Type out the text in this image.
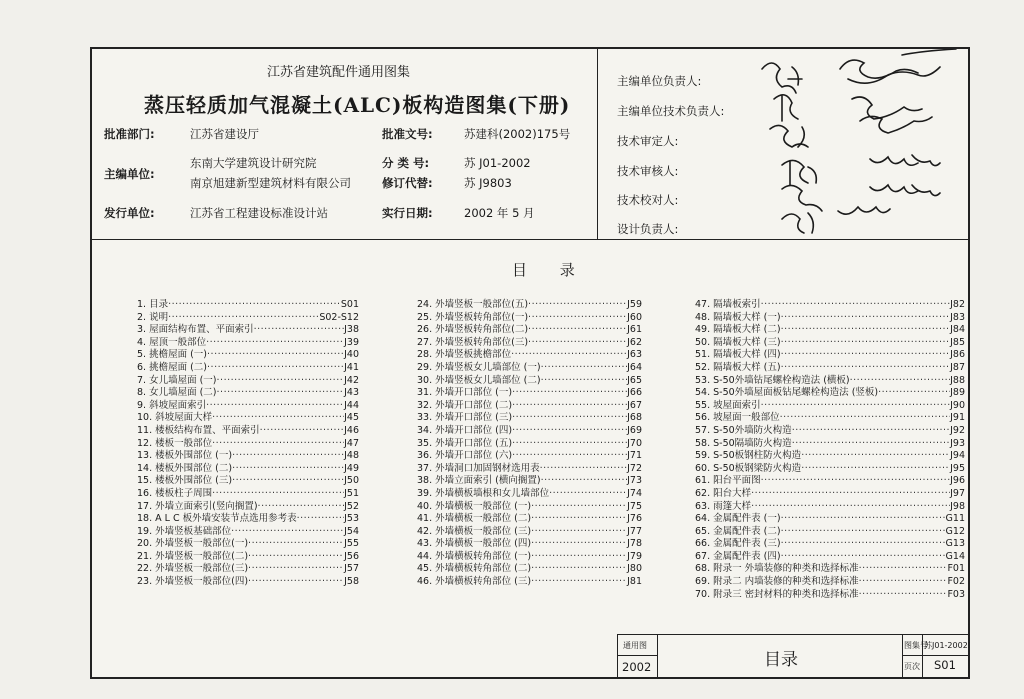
江苏省建筑配件通用图集
蒸压轻质加气混凝土(ALC)板构造图集(下册)
批准部门:	江苏省建设厅	批准文号:	苏建科(2002)175号
主编单位:
东南大学建筑设计研究院
南京旭建新型建筑材料有限公司
分 类 号:	苏 J01-2002
修订代替:	苏 J9803
发行单位:	江苏省工程建设标准设计站	实行日期:	2002 年 5 月
主编单位负责人:
主编单位技术负责人:
技术审定人:
技术审核人:
技术校对人:
设计负责人:
目 录
1. 目录 ·····	S01
2. 说明 ·····	S02-S12
3. 屋面结构布置、平面索引 ·····	J38
4. 屋顶一般部位 ·····	J39
5. 挑檐屋面 (一) ·····	J40
6. 挑檐屋面 (二) ·····	J41
7. 女儿墙屋面 (一) ·····	J42
8. 女儿墙屋面 (二) ·····	J43
9. 斜坡屋面索引 ·····	J44
10. 斜坡屋面大样 ·····	J45
11. 楼板结构布置、平面索引 ·····	J46
12. 楼板一般部位 ·····	J47
13. 楼板外围部位 (一) ·····	J48
14. 楼板外围部位 (二) ·····	J49
15. 楼板外围部位 (三) ·····	J50
16. 楼板柱子周围 ·····	J51
17. 外墙立面索引(竖向搁置) ·····	J52
18. A L C 板外墙安装节点选用参考表 ·····	J53
19. 外墙竖板基础部位 ·····	J54
20. 外墙竖板一般部位(一) ·····	J55
21. 外墙竖板一般部位(二) ·····	J56
22. 外墙竖板一般部位(三) ·····	J57
23. 外墙竖板一般部位(四) ·····	J58
24. 外墙竖板一般部位(五) ·····	J59
25. 外墙竖板转角部位(一) ·····	J60
26. 外墙竖板转角部位(二) ·····	J61
27. 外墙竖板转角部位(三) ·····	J62
28. 外墙竖板挑檐部位 ·····	J63
29. 外墙竖板女儿墙部位 (一) ·····	J64
30. 外墙竖板女儿墙部位 (二) ·····	J65
31. 外墙开口部位 (一) ·····	J66
32. 外墙开口部位 (二) ·····	J67
33. 外墙开口部位 (三) ·····	J68
34. 外墙开口部位 (四) ·····	J69
35. 外墙开口部位 (五) ·····	J70
36. 外墙开口部位 (六) ·····	J71
37. 外墙洞口加固钢材选用表 ·····	J72
38. 外墙立面索引 (横向搁置) ·····	J73
39. 外墙横板墙根和女儿墙部位 ·····	J74
40. 外墙横板一般部位 (一) ·····	J75
41. 外墙横板一般部位 (二) ·····	J76
42. 外墙横板一般部位 (三) ·····	J77
43. 外墙横板一般部位 (四) ·····	J78
44. 外墙横板转角部位 (一) ·····	J79
45. 外墙横板转角部位 (二) ·····	J80
46. 外墙横板转角部位 (三) ·····	J81
47. 隔墙板索引 ·····	J82
48. 隔墙板大样 (一) ·····	J83
49. 隔墙板大样 (二) ·····	J84
50. 隔墙板大样 (三) ·····	J85
51. 隔墙板大样 (四) ·····	J86
52. 隔墙板大样 (五) ·····	J87
53. S-50外墙钻尾螺栓构造法 (横板) ·····	J88
54. S-50外墙屋面板钻尾螺栓构造法 (竖板) ·····	J89
55. 坡屋面索引 ·····	J90
56. 坡屋面一般部位 ·····	J91
57. S-50外墙防火构造 ·····	J92
58. S-50隔墙防火构造 ·····	J93
59. S-50板钢柱防火构造 ·····	J94
60. S-50板钢梁防火构造 ·····	J95
61. 阳台平面图 ·····	J96
62. 阳台大样 ·····	J97
63. 雨篷大样 ·····	J98
64. 金属配件表 (一) ·····	G11
65. 金属配件表 (二) ·····	G12
66. 金属配件表 (三) ·····	G13
67. 金属配件表 (四) ·····	G14
68. 附录一 外墙装修的种类和选择标准 ·····	F01
69. 附录二 内墙装修的种类和选择标准 ·····	F02
70. 附录三 密封材料的种类和选择标准 ·····	F03
通用图
2002	目录
图集号
苏J01-2002
页次 S01
